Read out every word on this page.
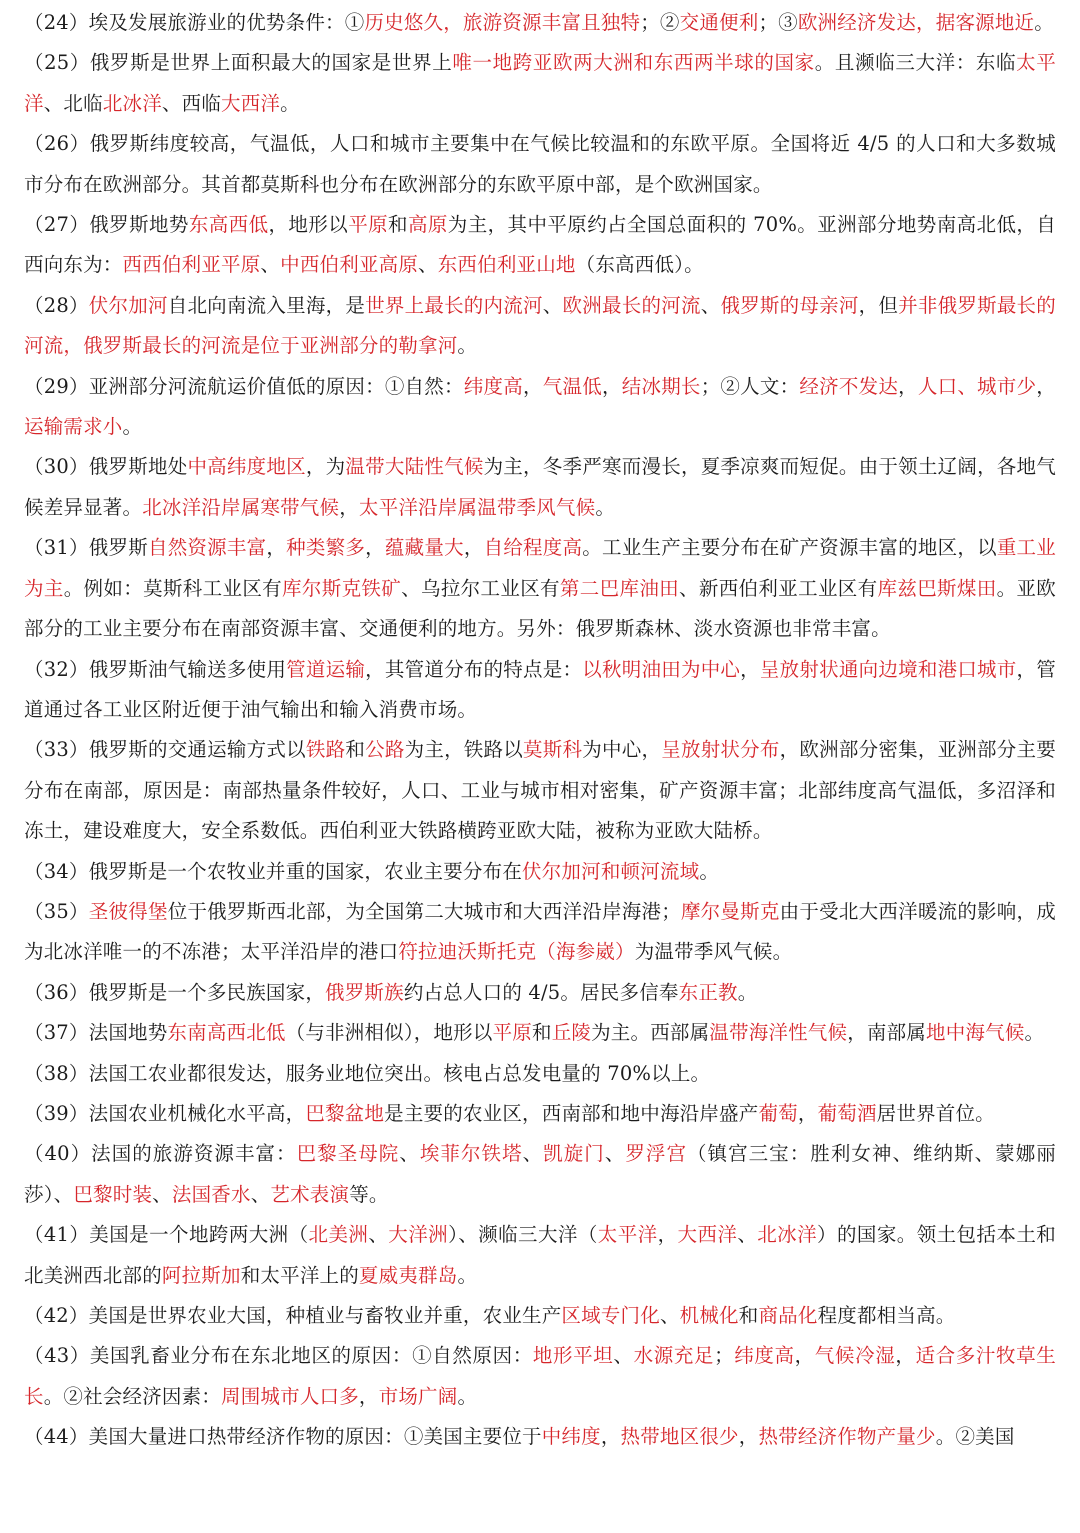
（24）埃及发展旅游业的优势条件：①历史悠久，旅游资源丰富且独特；②交通便利；③欧洲经济发达，据客源地近。

（25）俄罗斯是世界上面积最大的国家是世界上唯一地跨亚欧两大洲和东西两半球的国家。且濒临三大洋：东临太平洋、北临北冰洋、西临大西洋。

（26）俄罗斯纬度较高，气温低，人口和城市主要集中在气候比较温和的东欧平原。全国将近 4/5 的人口和大多数城市分布在欧洲部分。其首都莫斯科也分布在欧洲部分的东欧平原中部，是个欧洲国家。

（27）俄罗斯地势东高西低，地形以平原和高原为主，其中平原约占全国总面积的 70%。亚洲部分地势南高北低，自西向东为：西西伯利亚平原、中西伯利亚高原、东西伯利亚山地（东高西低）。

（28）伏尔加河自北向南流入里海，是世界上最长的内流河、欧洲最长的河流、俄罗斯的母亲河，但并非俄罗斯最长的河流，俄罗斯最长的河流是位于亚洲部分的勒拿河。

（29）亚洲部分河流航运价值低的原因：①自然：纬度高，气温低，结冰期长；②人文：经济不发达，人口、城市少，运输需求小。

（30）俄罗斯地处中高纬度地区，为温带大陆性气候为主，冬季严寒而漫长，夏季凉爽而短促。由于领土辽阔，各地气候差异显著。北冰洋沿岸属寒带气候，太平洋沿岸属温带季风气候。

（31）俄罗斯自然资源丰富，种类繁多，蕴藏量大，自给程度高。工业生产主要分布在矿产资源丰富的地区，以重工业为主。例如：莫斯科工业区有库尔斯克铁矿、乌拉尔工业区有第二巴库油田、新西伯利亚工业区有库兹巴斯煤田。亚欧部分的工业主要分布在南部资源丰富、交通便利的地方。另外：俄罗斯森林、淡水资源也非常丰富。

（32）俄罗斯油气输送多使用管道运输，其管道分布的特点是：以秋明油田为中心，呈放射状通向边境和港口城市，管道通过各工业区附近便于油气输出和输入消费市场。

（33）俄罗斯的交通运输方式以铁路和公路为主，铁路以莫斯科为中心，呈放射状分布，欧洲部分密集，亚洲部分主要分布在南部，原因是：南部热量条件较好，人口、工业与城市相对密集，矿产资源丰富；北部纬度高气温低，多沼泽和冻土，建设难度大，安全系数低。西伯利亚大铁路横跨亚欧大陆，被称为亚欧大陆桥。

（34）俄罗斯是一个农牧业并重的国家，农业主要分布在伏尔加河和顿河流域。

（35）圣彼得堡位于俄罗斯西北部，为全国第二大城市和大西洋沿岸海港；摩尔曼斯克由于受北大西洋暖流的影响，成为北冰洋唯一的不冻港；太平洋沿岸的港口符拉迪沃斯托克（海参崴）为温带季风气候。

（36）俄罗斯是一个多民族国家，俄罗斯族约占总人口的 4/5。居民多信奉东正教。

（37）法国地势东南高西北低（与非洲相似），地形以平原和丘陵为主。西部属温带海洋性气候，南部属地中海气候。

（38）法国工农业都很发达，服务业地位突出。核电占总发电量的 70%以上。

（39）法国农业机械化水平高，巴黎盆地是主要的农业区，西南部和地中海沿岸盛产葡萄，葡萄酒居世界首位。

（40）法国的旅游资源丰富：巴黎圣母院、埃菲尔铁塔、凯旋门、罗浮宫（镇宫三宝：胜利女神、维纳斯、蒙娜丽莎）、巴黎时装、法国香水、艺术表演等。

（41）美国是一个地跨两大洲（北美洲、大洋洲）、濒临三大洋（太平洋，大西洋、北冰洋）的国家。领土包括本土和北美洲西北部的阿拉斯加和太平洋上的夏威夷群岛。

（42）美国是世界农业大国，种植业与畜牧业并重，农业生产区域专门化、机械化和商品化程度都相当高。

（43）美国乳畜业分布在东北地区的原因：①自然原因：地形平坦、水源充足；纬度高，气候冷湿，适合多汁牧草生长。②社会经济因素：周围城市人口多，市场广阔。

（44）美国大量进口热带经济作物的原因：①美国主要位于中纬度，热带地区很少，热带经济作物产量少。②美国
